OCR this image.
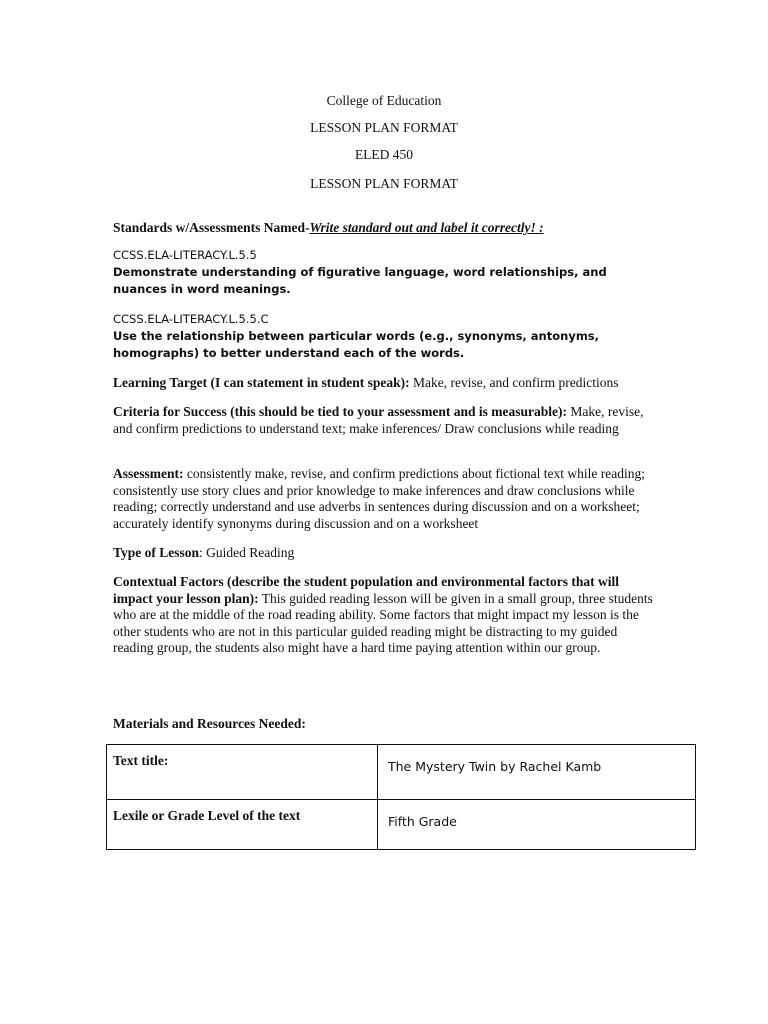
College of Education
LESSON PLAN FORMAT
ELED 450
LESSON PLAN FORMAT
Standards w/Assessments Named-Write standard out and label it correctly! :
CCSS.ELA-LITERACY.L.5.5
Demonstrate understanding of figurative language, word relationships, and nuances in word meanings.
CCSS.ELA-LITERACY.L.5.5.C
Use the relationship between particular words (e.g., synonyms, antonyms, homographs) to better understand each of the words.
Learning Target (I can statement in student speak): Make, revise, and confirm predictions
Criteria for Success (this should be tied to your assessment and is measurable): Make, revise, and confirm predictions to understand text; make inferences/ Draw conclusions while reading
Assessment: consistently make, revise, and confirm predictions about fictional text while reading; consistently use story clues and prior knowledge to make inferences and draw conclusions while reading; correctly understand and use adverbs in sentences during discussion and on a worksheet; accurately identify synonyms during discussion and on a worksheet
Type of Lesson: Guided Reading
Contextual Factors (describe the student population and environmental factors that will impact your lesson plan): This guided reading lesson will be given in a small group, three students who are at the middle of the road reading ability. Some factors that might impact my lesson is the other students who are not in this particular guided reading might be distracting to my guided reading group, the students also might have a hard time paying attention within our group.
Materials and Resources Needed:
Text title:	The Mystery Twin by Rachel Kamb
Lexile or Grade Level of the text	Fifth Grade
